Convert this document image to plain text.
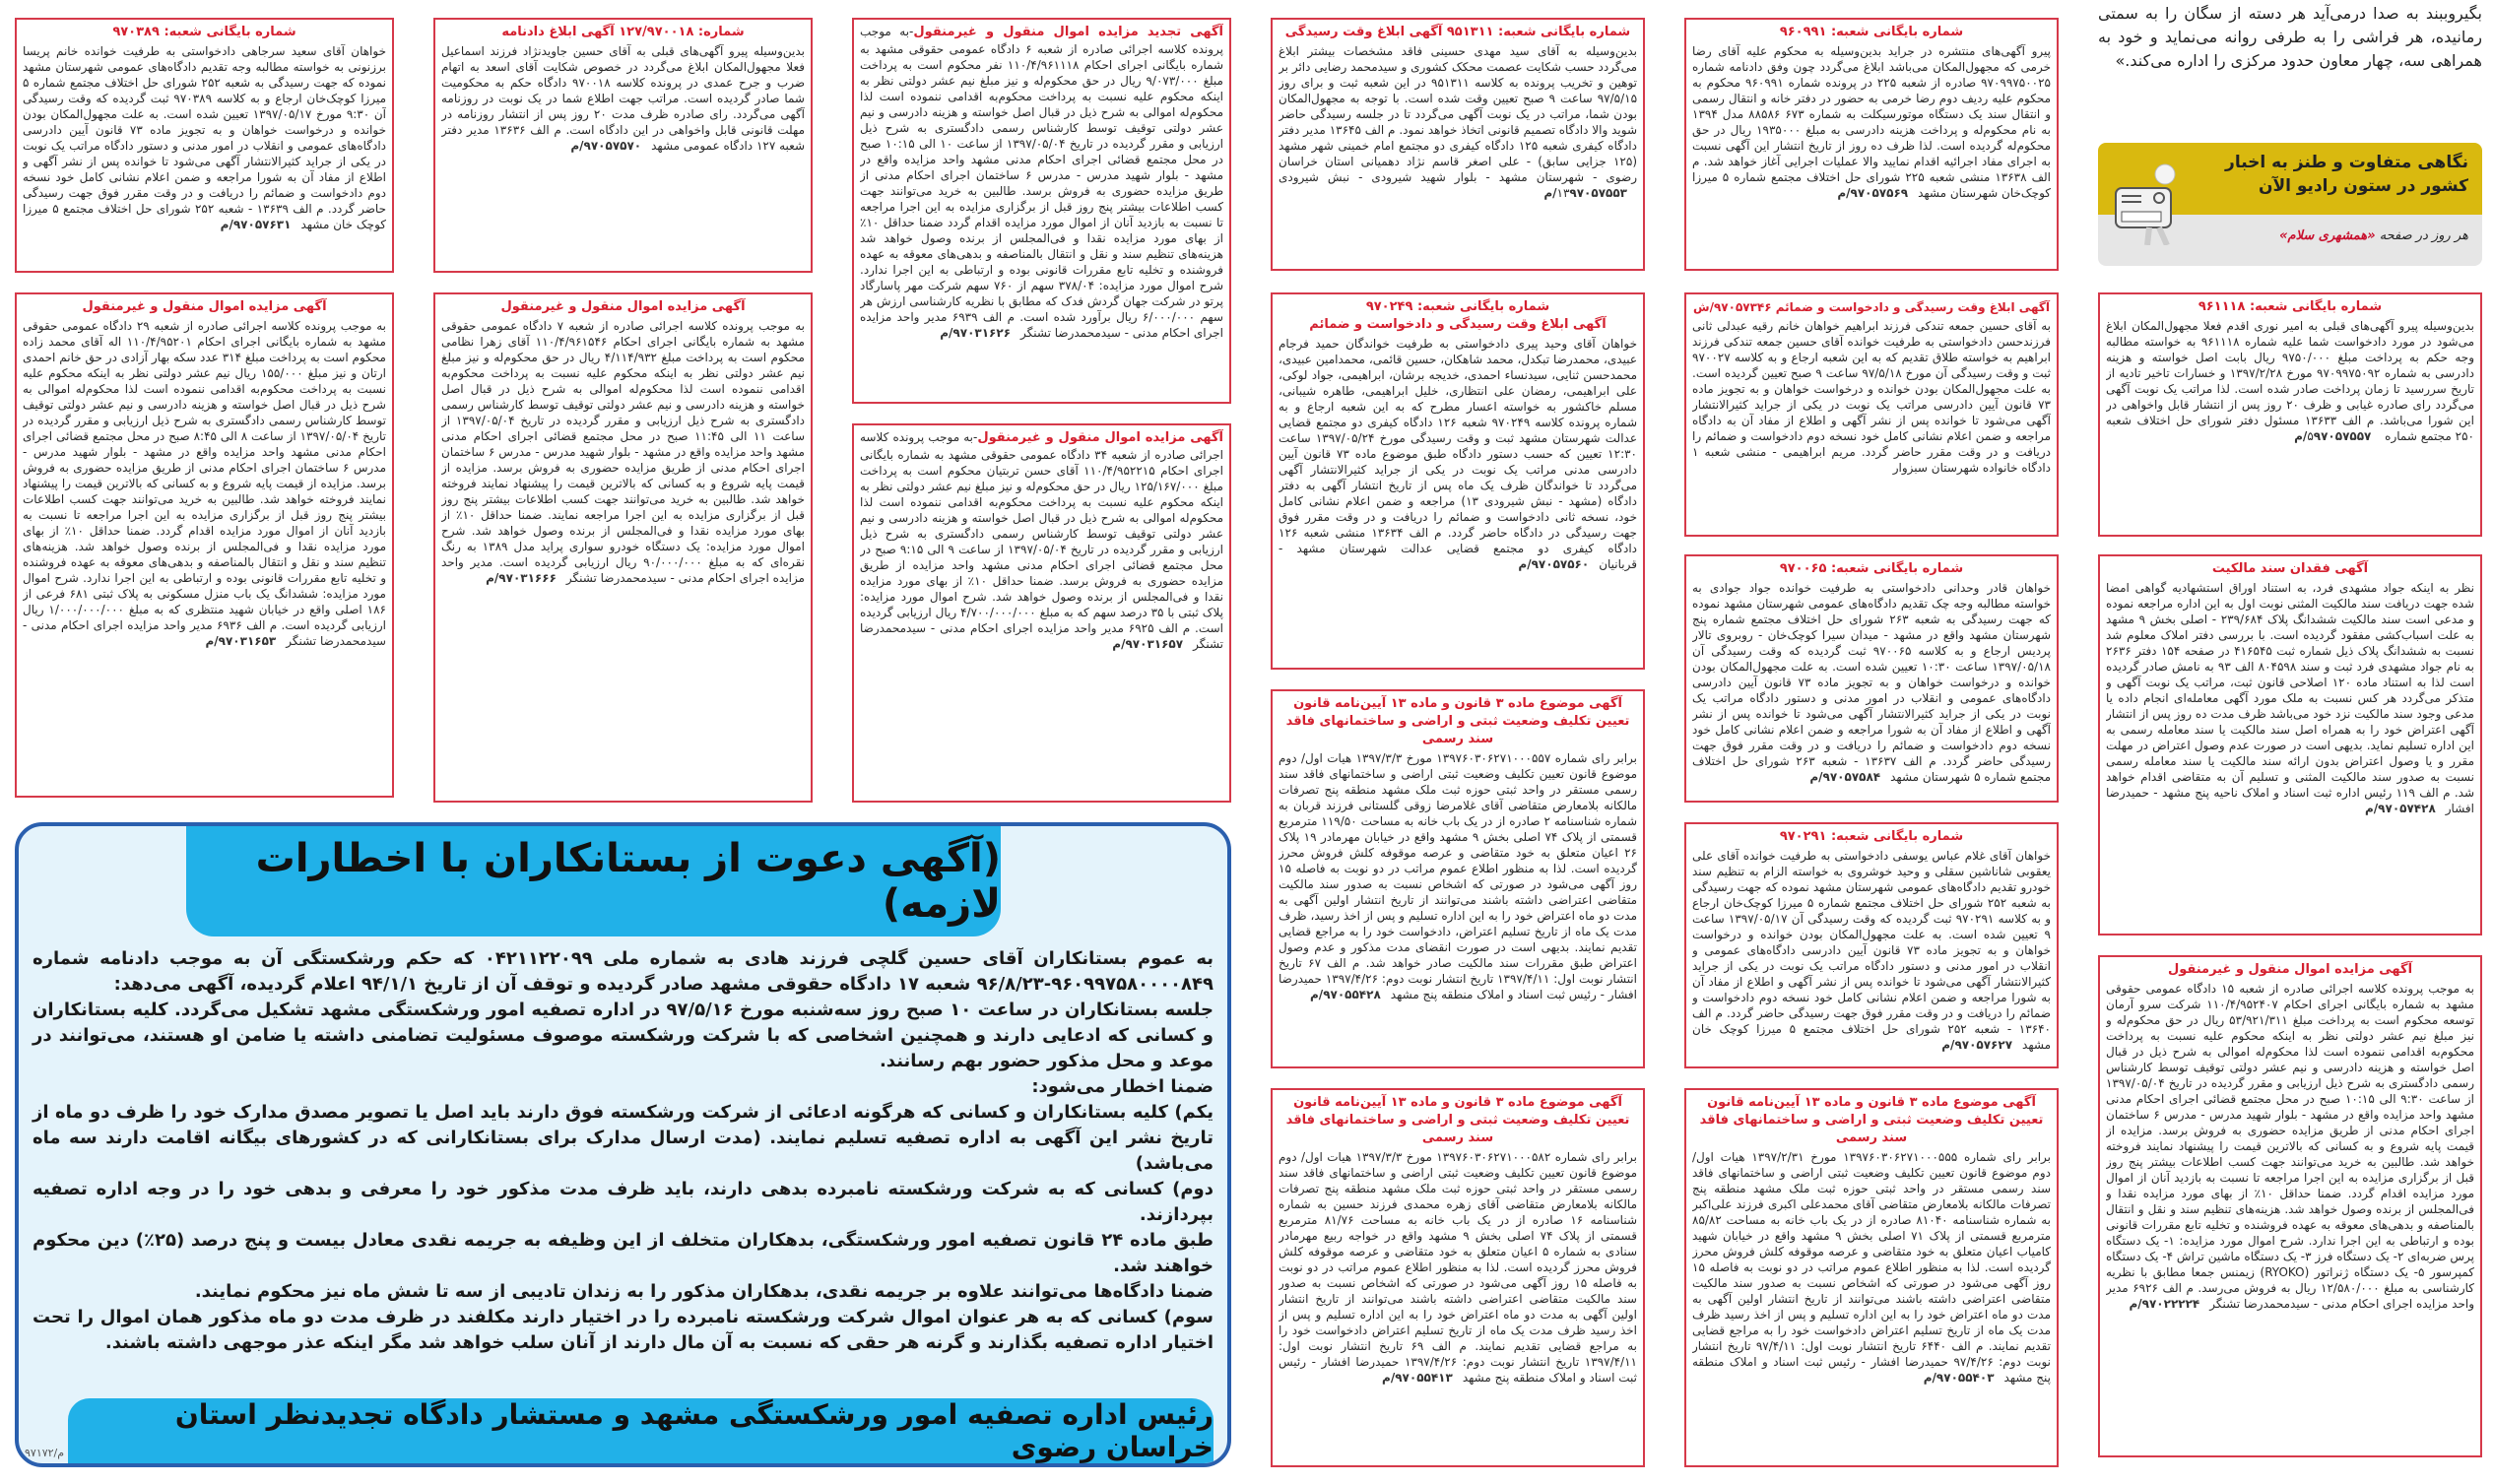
بگیروببند به صدا درمی‌آید هر دسته از سگان را به سمتی رمانیده، هر فراشی را به طرفی روانه می‌نماید و خود به همراهی سه، چهار معاون حدود مرکزی را اداره می‌کند.»
نگاهی متفاوت و طنز به اخبار کشور در ستون رادیو الآن
هر روز در صفحه «همشهری سلام»
شماره بایگانی شعبه: ۹۷۰۳۸۹
خواهان آقای سعید سرجاهی دادخواستی به طرفیت خوانده خانم پریسا برزنونی به خواسته مطالبه وجه تقدیم دادگاه‌های عمومی شهرستان مشهد نموده که جهت رسیدگی به شعبه ۲۵۲ شورای حل اختلاف مجتمع شماره ۵ میرزا کوچک‌خان ارجاع و به کلاسه ۹۷۰۳۸۹ ثبت گردیده که وقت رسیدگی آن ۹:۳۰ مورخ ۱۳۹۷/۰۵/۱۷ تعیین شده است. به علت مجهول‌المکان بودن خوانده و درخواست خواهان و به تجویز ماده ۷۳ قانون آیین دادرسی دادگاه‌های عمومی و انقلاب در امور مدنی و دستور دادگاه مراتب یک نوبت در یکی از جراید کثیرالانتشار آگهی می‌شود تا خوانده پس از نشر آگهی و اطلاع از مفاد آن به شورا مراجعه و ضمن اعلام نشانی کامل خود نسخه دوم دادخواست و ضمائم را دریافت و در وقت مقرر فوق جهت رسیدگی حاضر گردد. م الف ۱۳۶۳۹ - شعبه ۲۵۲ شورای حل اختلاف مجتمع ۵ میرزا کوچک خان مشهد۹۷۰۵۷۶۳۱/م
آگهی مزایده اموال منقول و غیرمنقول
به موجب پرونده کلاسه اجرائی صادره از شعبه ۲۹ دادگاه عمومی حقوقی مشهد به شماره بایگانی اجرای احکام ۱۱۰/۴/۹۵۲۰۱ اله آقای محمد زاده محکوم است به پرداخت مبلغ ۳۱۴ عدد سکه بهار آزادی در حق خانم احمدی ارتان و نیز مبلغ ۱۵۵/۰۰۰ ریال نیم عشر دولتی نظر به اینکه محکوم علیه نسبت به پرداخت محکوم‌به اقدامی ننموده است لذا محکوم‌له اموالی به شرح ذیل در قبال اصل خواسته و هزینه دادرسی و نیم عشر دولتی توقیف توسط کارشناس رسمی دادگستری به شرح ذیل ارزیابی و مقرر گردیده در تاریخ ۱۳۹۷/۰۵/۰۴ از ساعت ۸ الی ۸:۴۵ صبح در محل مجتمع قضائی اجرای احکام مدنی مشهد واحد مزایده واقع در مشهد - بلوار شهید مدرس - مدرس ۶ ساختمان اجرای احکام مدنی از طریق مزایده حضوری به فروش برسد. مزایده از قیمت پایه شروع و به کسانی که بالاترین قیمت را پیشنهاد نمایند فروخته خواهد شد. طالبین به خرید می‌توانند جهت کسب اطلاعات بیشتر پنج روز قبل از برگزاری مزایده به این اجرا مراجعه تا نسبت به بازدید آنان از اموال مورد مزایده اقدام گردد. ضمنا حداقل ۱۰٪ از بهای مورد مزایده نقدا و فی‌المجلس از برنده وصول خواهد شد. هزینه‌های تنظیم سند و نقل و انتقال بالمناصفه و بدهی‌های معوقه به عهده فروشنده و تخلیه تابع مقررات قانونی بوده و ارتباطی به این اجرا ندارد. شرح اموال مورد مزایده: ششدانگ یک باب منزل مسکونی به پلاک ثبتی ۶۸۱ فرعی از ۱۸۶ اصلی واقع در خیابان شهید منتظری که به مبلغ ۱/۰۰۰/۰۰۰/۰۰۰ ریال ارزیابی گردیده است. م الف ۶۹۳۶ مدیر واحد مزایده اجرای احکام مدنی - سیدمحمدرضا تشنگر۹۷۰۳۱۶۵۳/م
شماره: ۱۲۷/۹۷۰۰۱۸ آگهی ابلاغ دادنامه
بدین‌وسیله پیرو آگهی‌های قبلی به آقای حسین جاویدنژاد فرزند اسماعیل فعلا مجهول‌المکان ابلاغ می‌گردد در خصوص شکایت آقای اسعد به اتهام ضرب و جرح عمدی در پرونده کلاسه ۹۷۰۰۱۸ دادگاه حکم به محکومیت شما صادر گردیده است. مراتب جهت اطلاع شما در یک نوبت در روزنامه آگهی می‌گردد. رای صادره ظرف مدت ۲۰ روز پس از انتشار روزنامه در مهلت قانونی قابل واخواهی در این دادگاه است. م الف ۱۳۶۳۶ مدیر دفتر شعبه ۱۲۷ دادگاه عمومی مشهد۹۷۰۵۷۵۷۰/م
آگهی مزایده اموال منقول و غیرمنقول
به موجب پرونده کلاسه اجرائی صادره از شعبه ۷ دادگاه عمومی حقوقی مشهد به شماره بایگانی اجرای احکام ۱۱۰/۴/۹۶۱۵۴۶ آقای زهرا نظامی محکوم است به پرداخت مبلغ ۴/۱۱۴/۹۳۲ ریال در حق محکوم‌له و نیز مبلغ نیم عشر دولتی نظر به اینکه محکوم علیه نسبت به پرداخت محکوم‌به اقدامی ننموده است لذا محکوم‌له اموالی به شرح ذیل در قبال اصل خواسته و هزینه دادرسی و نیم عشر دولتی توقیف توسط کارشناس رسمی دادگستری به شرح ذیل ارزیابی و مقرر گردیده در تاریخ ۱۳۹۷/۰۵/۰۴ از ساعت ۱۱ الی ۱۱:۴۵ صبح در محل مجتمع قضائی اجرای احکام مدنی مشهد واحد مزایده واقع در مشهد - بلوار شهید مدرس - مدرس ۶ ساختمان اجرای احکام مدنی از طریق مزایده حضوری به فروش برسد. مزایده از قیمت پایه شروع و به کسانی که بالاترین قیمت را پیشنهاد نمایند فروخته خواهد شد. طالبین به خرید می‌توانند جهت کسب اطلاعات بیشتر پنج روز قبل از برگزاری مزایده به این اجرا مراجعه نمایند. ضمنا حداقل ۱۰٪ از بهای مورد مزایده نقدا و فی‌المجلس از برنده وصول خواهد شد. شرح اموال مورد مزایده: یک دستگاه خودرو سواری پراید مدل ۱۳۸۹ به رنگ نقره‌ای که به مبلغ ۹۰/۰۰۰/۰۰۰ ریال ارزیابی گردیده است. مدیر واحد مزایده اجرای احکام مدنی - سیدمحمدرضا تشنگر۹۷۰۳۱۶۶۶/م
آگهی تجدید مزایده اموال منقول و غیرمنقول-به موجب پرونده کلاسه اجرائی صادره از شعبه ۶ دادگاه عمومی حقوقی مشهد به شماره بایگانی اجرای احکام ۱۱۰/۴/۹۶۱۱۱۸ نفر محکوم است به پرداخت مبلغ ۹/۰۷۳/۰۰۰ ریال در حق محکوم‌له و نیز مبلغ نیم عشر دولتی نظر به اینکه محکوم علیه نسبت به پرداخت محکوم‌به اقدامی ننموده است لذا محکوم‌له اموالی به شرح ذیل در قبال اصل خواسته و هزینه دادرسی و نیم عشر دولتی توقیف توسط کارشناس رسمی دادگستری به شرح ذیل ارزیابی و مقرر گردیده در تاریخ ۱۳۹۷/۰۵/۰۴ از ساعت ۱۰ الی ۱۰:۱۵ صبح در محل مجتمع قضائی اجرای احکام مدنی مشهد واحد مزایده واقع در مشهد - بلوار شهید مدرس - مدرس ۶ ساختمان اجرای احکام مدنی از طریق مزایده حضوری به فروش برسد. طالبین به خرید می‌توانند جهت کسب اطلاعات بیشتر پنج روز قبل از برگزاری مزایده به این اجرا مراجعه تا نسبت به بازدید آنان از اموال مورد مزایده اقدام گردد ضمنا حداقل ۱۰٪ از بهای مورد مزایده نقدا و فی‌المجلس از برنده وصول خواهد شد هزینه‌های تنظیم سند و نقل و انتقال بالمناصفه و بدهی‌های معوقه به عهده فروشنده و تخلیه تابع مقررات قانونی بوده و ارتباطی به این اجرا ندارد. شرح اموال مورد مزایده: ۳۷۸/۰۴ سهم از ۷۶۰ سهم شرکت مهر پاسارگاد پرتو در شرکت جهان گردش فدک که مطابق با نظریه کارشناسی ارزش هر سهم ۶/۰۰۰/۰۰۰ ریال برآورد شده است. م الف ۶۹۳۹ مدیر واحد مزایده اجرای احکام مدنی - سیدمحمدرضا تشنگر۹۷۰۳۱۶۲۶/م
آگهی مزایده اموال منقول و غیرمنقول-به موجب پرونده کلاسه اجرائی صادره از شعبه ۳۴ دادگاه عمومی حقوقی مشهد به شماره بایگانی اجرای احکام ۱۱۰/۴/۹۵۲۲۱۵ آقای حسن تربتیان محکوم است به پرداخت مبلغ ۱۲۵/۱۶۷/۰۰۰ ریال در حق محکوم‌له و نیز مبلغ نیم عشر دولتی نظر به اینکه محکوم علیه نسبت به پرداخت محکوم‌به اقدامی ننموده است لذا محکوم‌له اموالی به شرح ذیل در قبال اصل خواسته و هزینه دادرسی و نیم عشر دولتی توقیف توسط کارشناس رسمی دادگستری به شرح ذیل ارزیابی و مقرر گردیده در تاریخ ۱۳۹۷/۰۵/۰۴ از ساعت ۹ الی ۹:۱۵ صبح در محل مجتمع قضائی اجرای احکام مدنی مشهد واحد مزایده از طریق مزایده حضوری به فروش برسد. ضمنا حداقل ۱۰٪ از بهای مورد مزایده نقدا و فی‌المجلس از برنده وصول خواهد شد. شرح اموال مورد مزایده: پلاک ثبتی با ۳۵ درصد سهم که به مبلغ ۴/۷۰۰/۰۰۰/۰۰۰ ریال ارزیابی گردیده است. م الف ۶۹۲۵ مدیر واحد مزایده اجرای احکام مدنی - سیدمحمدرضا تشنگر۹۷۰۳۱۶۵۷/م
شماره بایگانی شعبه: ۹۵۱۳۱۱ آگهی ابلاغ وقت رسیدگی
بدین‌وسیله به آقای سید مهدی حسینی فاقد مشخصات بیشتر ابلاغ می‌گردد حسب شکایت عصمت محکک کشوری و سیدمحمد رضایی دائر بر توهین و تخریب پرونده به کلاسه ۹۵۱۳۱۱ در این شعبه ثبت و برای روز ۹۷/۵/۱۵ ساعت ۹ صبح تعیین وقت شده است. با توجه به مجهول‌المکان بودن شما، مراتب در یک نوبت آگهی می‌گردد تا در جلسه رسیدگی حاضر شوید والا دادگاه تصمیم قانونی اتخاذ خواهد نمود. م الف ۱۳۶۴۵ مدیر دفتر دادگاه کیفری شعبه ۱۲۵ دادگاه کیفری دو مجتمع امام خمینی شهر مشهد (۱۲۵ جزایی سابق) - علی اصغر قاسم نژاد دهمیانی استان خراسان رضوی - شهرستان مشهد - بلوار شهید شیرودی - نبش شیرودی ۱۳۹۷۰۵۷۵۵۳/م
شماره بایگانی شعبه: ۹۷۰۲۴۹
آگهی ابلاغ وقت رسیدگی و دادخواست و ضمائم
خواهان آقای وحید پیری دادخواستی به طرفیت خواندگان حمید فرجام عبیدی، محمدرضا تبکدل، محمد شاهکان، حسین قائمی، محمدامین عبیدی، محمدحسن ثنایی، سیدنساء احمدی، خدیجه برشان، ابراهیمی، جواد لوکی، علی ابراهیمی، رمضان علی انتظاری، خلیل ابراهیمی، طاهره شیبانی، مسلم خاکشور به خواسته اعسار مطرح که به این شعبه ارجاع و به شماره پرونده کلاسه ۹۷۰۲۴۹ شعبه ۱۲۶ دادگاه کیفری دو مجتمع قضایی عدالت شهرستان مشهد ثبت و وقت رسیدگی مورخ ۱۳۹۷/۰۵/۲۴ ساعت ۱۲:۳۰ تعیین که حسب دستور دادگاه طبق موضوع ماده ۷۳ قانون آیین دادرسی مدنی مراتب یک نوبت در یکی از جراید کثیرالانتشار آگهی می‌گردد تا خواندگان ظرف یک ماه پس از تاریخ انتشار آگهی به دفتر دادگاه (مشهد - نبش شیرودی ۱۳) مراجعه و ضمن اعلام نشانی کامل خود، نسخه ثانی دادخواست و ضمائم را دریافت و در وقت مقرر فوق جهت رسیدگی در دادگاه حاضر گردد. م الف ۱۳۶۳۴ منشی شعبه ۱۲۶ دادگاه کیفری دو مجتمع قضایی عدالت شهرستان مشهد - قربانیان۹۷۰۵۷۵۶۰/م
آگهی موضوع ماده ۳ قانون و ماده ۱۳ آیین‌نامه قانون تعیین تکلیف وضعیت ثبتی و اراضی و ساختمانهای فاقد سند رسمی
برابر رای شماره ۱۳۹۷۶۰۳۰۶۲۷۱۰۰۰۵۵۷ مورخ ۱۳۹۷/۳/۳ هیات اول/ دوم موضوع قانون تعیین تکلیف وضعیت ثبتی اراضی و ساختمانهای فاقد سند رسمی مستقر در واحد ثبتی حوزه ثبت ملک مشهد منطقه پنج تصرفات مالکانه بلامعارض متقاضی آقای غلامرضا زوقی گلستانی فرزند قربان به شماره شناسنامه ۲ صادره از در یک باب خانه به مساحت ۱۱۹/۵۰ مترمربع قسمتی از پلاک ۷۴ اصلی بخش ۹ مشهد واقع در خیابان مهرمادر ۱۹ پلاک ۲۶ اعیان متعلق به خود متقاضی و عرصه موقوفه کلش فروش محرز گردیده است. لذا به منظور اطلاع عموم مراتب در دو نوبت به فاصله ۱۵ روز آگهی می‌شود در صورتی که اشخاص نسبت به صدور سند مالکیت متقاضی اعتراضی داشته باشند می‌توانند از تاریخ انتشار اولین آگهی به مدت دو ماه اعتراض خود را به این اداره تسلیم و پس از اخذ رسید، ظرف مدت یک ماه از تاریخ تسلیم اعتراض، دادخواست خود را به مراجع قضایی تقدیم نمایند. بدیهی است در صورت انقضای مدت مذکور و عدم وصول اعتراض طبق مقررات سند مالکیت صادر خواهد شد. م الف ۶۷ تاریخ انتشار نوبت اول: ۱۳۹۷/۴/۱۱ تاریخ انتشار نوبت دوم: ۱۳۹۷/۴/۲۶ حمیدرضا افشار - رئیس ثبت اسناد و املاک منطقه پنج مشهد۹۷۰۵۵۴۲۸/م
آگهی موضوع ماده ۳ قانون و ماده ۱۳ آیین‌نامه قانون تعیین تکلیف وضعیت ثبتی و اراضی و ساختمانهای فاقد سند رسمی
برابر رای شماره ۱۳۹۷۶۰۳۰۶۲۷۱۰۰۰۵۸۲ مورخ ۱۳۹۷/۳/۳ هیات اول/ دوم موضوع قانون تعیین تکلیف وضعیت ثبتی اراضی و ساختمانهای فاقد سند رسمی مستقر در واحد ثبتی حوزه ثبت ملک مشهد منطقه پنج تصرفات مالکانه بلامعارض متقاضی آقای زهره محمدی فرزند حسین به شماره شناسنامه ۱۶ صادره از در یک باب خانه به مساحت ۸۱/۷۶ مترمربع قسمتی از پلاک ۷۴ اصلی بخش ۹ مشهد واقع در خواجه ربیع مهرمادر سنادی به شماره ۵ اعیان متعلق به خود متقاضی و عرصه موقوفه کلش فروش محرز گردیده است. لذا به منظور اطلاع عموم مراتب در دو نوبت به فاصله ۱۵ روز آگهی می‌شود در صورتی که اشخاص نسبت به صدور سند مالکیت متقاضی اعتراضی داشته باشند می‌توانند از تاریخ انتشار اولین آگهی به مدت دو ماه اعتراض خود را به این اداره تسلیم و پس از اخذ رسید ظرف مدت یک ماه از تاریخ تسلیم اعتراض دادخواست خود را به مراجع قضایی تقدیم نمایند. م الف ۶۹ تاریخ انتشار نوبت اول: ۱۳۹۷/۴/۱۱ تاریخ انتشار نوبت دوم: ۱۳۹۷/۴/۲۶ حمیدرضا افشار - رئیس ثبت اسناد و املاک منطقه پنج مشهد۹۷۰۵۵۴۱۳/م
شماره بایگانی شعبه: ۹۶۰۹۹۱
پیرو آگهی‌های منتشره در جراید بدین‌وسیله به محکوم علیه آقای رضا خرمی که مجهول‌المکان می‌باشد ابلاغ می‌گردد چون وفق دادنامه شماره ۹۷۰۹۹۷۵۰۰۲۵ صادره از شعبه ۲۲۵ در پرونده شماره ۹۶۰۹۹۱ محکوم به محکوم علیه ردیف دوم رضا خرمی به حضور در دفتر خانه و انتقال رسمی و انتقال سند یک دستگاه موتورسیکلت به شماره ۶۷۳ ۸۸۵۸۶ مدل ۱۳۹۴ به نام محکوم‌له و پرداخت هزینه دادرسی به مبلغ ۱۹۳۵۰۰۰ ریال در حق محکوم‌له گردیده است. لذا ظرف ده روز از تاریخ انتشار این آگهی نسبت به اجرای مفاد اجرائیه اقدام نمایید والا عملیات اجرایی آغاز خواهد شد. م الف ۱۳۶۳۸ منشی شعبه ۲۲۵ شورای حل اختلاف مجتمع شماره ۵ میرزا کوچک‌خان شهرستان مشهد۹۷۰۵۷۵۶۹/م
آگهی ابلاغ وقت رسیدگی و دادخواست و ضمائم ۹۷۰۵۷۳۴۶/ش
به آقای حسین جمعه تندکی فرزند ابراهیم خواهان خانم رقیه عبدلی ثانی فرزندحسن دادخواستی به طرفیت خوانده آقای حسین جمعه تندکی فرزند ابراهیم به خواسته طلاق تقدیم که به این شعبه ارجاع و به کلاسه ۹۷۰۰۲۷ ثبت و وقت رسیدگی آن مورخ ۹۷/۵/۱۸ ساعت ۹ صبح تعیین گردیده است. به علت مجهول‌المکان بودن خوانده و درخواست خواهان و به تجویز ماده ۷۳ قانون آیین دادرسی مراتب یک نوبت در یکی از جراید کثیرالانتشار آگهی می‌شود تا خوانده پس از نشر آگهی و اطلاع از مفاد آن به دادگاه مراجعه و ضمن اعلام نشانی کامل خود نسخه دوم دادخواست و ضمائم را دریافت و در وقت مقرر حاضر گردد. مریم ابراهیمی - منشی شعبه ۱ دادگاه خانواده شهرستان سبزوار
شماره بایگانی شعبه: ۹۷۰۰۶۵
خواهان قادر وحدانی دادخواستی به طرفیت خوانده جواد جوادی به خواسته مطالبه وجه چک تقدیم دادگاه‌های عمومی شهرستان مشهد نموده که جهت رسیدگی به شعبه ۲۶۳ شورای حل اختلاف مجتمع شماره پنج شهرستان مشهد واقع در مشهد - میدان سیرا کوچک‌خان - روبروی تالار پردیس ارجاع و به کلاسه ۹۷۰۰۶۵ ثبت گردیده که وقت رسیدگی آن ۱۳۹۷/۰۵/۱۸ ساعت ۱۰:۳۰ تعیین شده است. به علت مجهول‌المکان بودن خوانده و درخواست خواهان و به تجویز ماده ۷۳ قانون آیین دادرسی دادگاه‌های عمومی و انقلاب در امور مدنی و دستور دادگاه مراتب یک نوبت در یکی از جراید کثیرالانتشار آگهی می‌شود تا خوانده پس از نشر آگهی و اطلاع از مفاد آن به شورا مراجعه و ضمن اعلام نشانی کامل خود نسخه دوم دادخواست و ضمائم را دریافت و در وقت مقرر فوق جهت رسیدگی حاضر گردد. م الف ۱۳۶۳۷ - شعبه ۲۶۳ شورای حل اختلاف مجتمع شماره ۵ شهرستان مشهد۹۷۰۵۷۵۸۴/م
شماره بایگانی شعبه: ۹۷۰۲۹۱
خواهان آقای غلام عباس یوسفی دادخواستی به طرفیت خوانده آقای علی یعقوبی شاناشین سقلی و وحید خوشروی به خواسته الزام به تنظیم سند خودرو تقدیم دادگاه‌های عمومی شهرستان مشهد نموده که جهت رسیدگی به شعبه ۲۵۲ شورای حل اختلاف مجتمع شماره ۵ میرزا کوچک‌خان ارجاع و به کلاسه ۹۷۰۲۹۱ ثبت گردیده که وقت رسیدگی آن ۱۳۹۷/۰۵/۱۷ ساعت ۹ تعیین شده است. به علت مجهول‌المکان بودن خوانده و درخواست خواهان و به تجویز ماده ۷۳ قانون آیین دادرسی دادگاه‌های عمومی و انقلاب در امور مدنی و دستور دادگاه مراتب یک نوبت در یکی از جراید کثیرالانتشار آگهی می‌شود تا خوانده پس از نشر آگهی و اطلاع از مفاد آن به شورا مراجعه و ضمن اعلام نشانی کامل خود نسخه دوم دادخواست و ضمائم را دریافت و در وقت مقرر فوق جهت رسیدگی حاضر گردد. م الف ۱۳۶۴۰ - شعبه ۲۵۲ شورای حل اختلاف مجتمع ۵ میرزا کوچک خان مشهد۹۷۰۵۷۶۲۷/م
آگهی موضوع ماده ۳ قانون و ماده ۱۳ آیین‌نامه قانون تعیین تکلیف وضعیت ثبتی و اراضی و ساختمانهای فاقد سند رسمی
برابر رای شماره ۱۳۹۷۶۰۳۰۶۲۷۱۰۰۰۵۵۵ مورخ ۱۳۹۷/۲/۳۱ هیات اول/ دوم موضوع قانون تعیین تکلیف وضعیت ثبتی اراضی و ساختمانهای فاقد سند رسمی مستقر در واحد ثبتی حوزه ثبت ملک مشهد منطقه پنج تصرفات مالکانه بلامعارض متقاضی آقای محمدعلی اکبری فرزند علی‌اکبر به شماره شناسنامه ۸۱۰۴۰ صادره از در یک باب خانه به مساحت ۸۵/۸۲ مترمربع قسمتی از پلاک ۷۱ اصلی بخش ۹ مشهد واقع در خیابان شهید کامیاب اعیان متعلق به خود متقاضی و عرصه موقوفه کلش فروش محرز گردیده است. لذا به منظور اطلاع عموم مراتب در دو نوبت به فاصله ۱۵ روز آگهی می‌شود در صورتی که اشخاص نسبت به صدور سند مالکیت متقاضی اعتراضی داشته باشند می‌توانند از تاریخ انتشار اولین آگهی به مدت دو ماه اعتراض خود را به این اداره تسلیم و پس از اخذ رسید ظرف مدت یک ماه از تاریخ تسلیم اعتراض دادخواست خود را به مراجع قضایی تقدیم نمایند. م الف ۶۴۴۰ تاریخ انتشار نوبت اول: ۹۷/۴/۱۱ تاریخ انتشار نوبت دوم: ۹۷/۴/۲۶ حمیدرضا افشار - رئیس ثبت اسناد و املاک منطقه پنج مشهد۹۷۰۵۵۴۰۳/م
شماره بایگانی شعبه: ۹۶۱۱۱۸
بدین‌وسیله پیرو آگهی‌های قبلی به امیر نوری اقدم فعلا مجهول‌المکان ابلاغ می‌شود در مورد دادخواست شما علیه شماره ۹۶۱۱۱۸ به خواسته مطالبه وجه حکم به پرداخت مبلغ ۹۷۵۰/۰۰۰ ریال بابت اصل خواسته و هزینه دادرسی به شماره ۹۷۰۹۹۷۵۰۹۲ مورخ ۱۳۹۷/۲/۲۸ و خسارات تاخیر تادیه از تاریخ سررسید تا زمان پرداخت صادر شده است. لذا مراتب یک نوبت آگهی می‌گردد رای صادره غیابی و ظرف ۲۰ روز پس از انتشار قابل واخواهی در این شورا می‌باشد. م الف ۱۳۶۳۳ مسئول دفتر شورای حل اختلاف شعبه ۲۵۰ مجتمع شماره ۵۹۷۰۵۷۵۵۷/م
آگهی فقدان سند مالکیت
نظر به اینکه جواد مشهدی فرد، به استناد اوراق استشهادیه گواهی امضا شده جهت دریافت سند مالکیت المثنی نوبت اول به این اداره مراجعه نموده و مدعی است سند مالکیت ششدانگ پلاک ۲۳۹/۶۸۴ - اصلی بخش ۹ مشهد به علت اسباب‌کشی مفقود گردیده است. با بررسی دفتر املاک معلوم شد نسبت به ششدانگ پلاک ذیل شماره ثبت ۴۱۶۵۴۵ در صفحه ۱۵۴ دفتر ۲۶۳۶ به نام جواد مشهدی فرد ثبت و سند ۸۰۴۵۹۸ الف ۹۳ به نامش صادر گردیده است لذا به استناد ماده ۱۲۰ اصلاحی قانون ثبت، مراتب یک نوبت آگهی و متذکر می‌گردد هر کس نسبت به ملک مورد آگهی معامله‌ای انجام داده یا مدعی وجود سند مالکیت نزد خود می‌باشد ظرف مدت ده روز پس از انتشار آگهی اعتراض خود را به همراه اصل سند مالکیت یا سند معامله رسمی به این اداره تسلیم نماید. بدیهی است در صورت عدم وصول اعتراض در مهلت مقرر و یا وصول اعتراض بدون ارائه سند مالکیت یا سند معامله رسمی نسبت به صدور سند مالکیت المثنی و تسلیم آن به متقاضی اقدام خواهد شد. م الف ۱۱۹ رئیس اداره ثبت اسناد و املاک ناحیه پنج مشهد - حمیدرضا افشار۹۷۰۵۷۴۲۸/م
آگهی مزایده اموال منقول و غیرمنقول
به موجب پرونده کلاسه اجرائی صادره از شعبه ۱۵ دادگاه عمومی حقوقی مشهد به شماره بایگانی اجرای احکام ۱۱۰/۴/۹۵۲۴۰۷ شرکت سرو آرمان توسعه محکوم است به پرداخت مبلغ ۵۳/۹۲۱/۳۱۱ ریال در حق محکوم‌له و نیز مبلغ نیم عشر دولتی نظر به اینکه محکوم علیه نسبت به پرداخت محکوم‌به اقدامی ننموده است لذا محکوم‌له اموالی به شرح ذیل در قبال اصل خواسته و هزینه دادرسی و نیم عشر دولتی توقیف توسط کارشناس رسمی دادگستری به شرح ذیل ارزیابی و مقرر گردیده در تاریخ ۱۳۹۷/۰۵/۰۴ از ساعت ۹:۳۰ الی ۱۰:۱۵ صبح در محل مجتمع قضائی اجرای احکام مدنی مشهد واحد مزایده واقع در مشهد - بلوار شهید مدرس - مدرس ۶ ساختمان اجرای احکام مدنی از طریق مزایده حضوری به فروش برسد. مزایده از قیمت پایه شروع و به کسانی که بالاترین قیمت را پیشنهاد نمایند فروخته خواهد شد. طالبین به خرید می‌توانند جهت کسب اطلاعات بیشتر پنج روز قبل از برگزاری مزایده به این اجرا مراجعه تا نسبت به بازدید آنان از اموال مورد مزایده اقدام گردد. ضمنا حداقل ۱۰٪ از بهای مورد مزایده نقدا و فی‌المجلس از برنده وصول خواهد شد. هزینه‌های تنظیم سند و نقل و انتقال بالمناصفه و بدهی‌های معوقه به عهده فروشنده و تخلیه تابع مقررات قانونی بوده و ارتباطی به این اجرا ندارد. شرح اموال مورد مزایده: ۱- یک دستگاه پرس ضربه‌ای ۲- یک دستگاه فرز ۳- یک دستگاه ماشین تراش ۴- یک دستگاه کمپرسور ۵- یک دستگاه ژنراتور (RYOKO) زیمنس جمعا مطابق با نظریه کارشناسی به مبلغ ۱۲/۵۸۰/۰۰۰ ریال به فروش می‌رسد. م الف ۶۹۲۶ مدیر واحد مزایده اجرای احکام مدنی - سیدمحمدرضا تشنگر۹۷۰۲۲۲۲۴/م
(آگهی دعوت از بستانکاران با اخطارات لازمه)

به عموم بستانکاران آقای حسین گلچی فرزند هادی به شماره ملی ۰۴۲۱۱۲۲۰۹۹ که حکم ورشکستگی آن به موجب دادنامه شماره ۹۶۰۹۹۷۵۸۰۰۰۰۸۴۹-۹۶/۸/۲۳ شعبه ۱۷ دادگاه حقوقی مشهد صادر گردیده و توقف آن از تاریخ ۹۴/۱/۱ اعلام گردیده، آگهی می‌دهد:

جلسه بستانکاران در ساعت ۱۰ صبح روز سه‌شنبه مورخ ۹۷/۵/۱۶ در اداره تصفیه امور ورشکستگی مشهد تشکیل می‌گردد. کلیه بستانکاران و کسانی که ادعایی دارند و همچنین اشخاصی که با شرکت ورشکسته موصوف مسئولیت تضامنی داشته یا ضامن او هستند، می‌توانند در موعد و محل مذکور حضور بهم رسانند.

ضمنا اخطار می‌شود:

یکم) کلیه بستانکاران و کسانی که هرگونه ادعائی از شرکت ورشکسته فوق دارند باید اصل یا تصویر مصدق مدارک خود را ظرف دو ماه از تاریخ نشر این آگهی به اداره تصفیه تسلیم نمایند. (مدت ارسال مدارک برای بستانکارانی که در کشورهای بیگانه اقامت دارند سه ماه می‌باشد)

دوم) کسانی که به شرکت ورشکسته نامبرده بدهی دارند، باید ظرف مدت مذکور خود را معرفی و بدهی خود را در وجه اداره تصفیه بپردازند.

طبق ماده ۲۴ قانون تصفیه امور ورشکستگی، بدهکاران متخلف از این وظیفه به جریمه نقدی معادل بیست و پنج درصد (۲۵٪) دین محکوم خواهند شد.

ضمنا دادگاه‌ها می‌توانند علاوه بر جریمه نقدی، بدهکاران مذکور را به زندان تادیبی از سه تا شش ماه نیز محکوم نمایند.

سوم) کسانی که به هر عنوان اموال شرکت ورشکسته نامبرده را در اختیار دارند مکلفند در ظرف مدت دو ماه مذکور همان اموال را تحت اختیار اداره تصفیه بگذارند و گرنه هر حقی که نسبت به آن مال دارند از آنان سلب خواهد شد مگر اینکه عذر موجهی داشته باشند.

۹۷۱۷۲/م
رئیس اداره تصفیه امور ورشکستگی مشهد و مستشار دادگاه تجدیدنظر استان خراسان رضوی
